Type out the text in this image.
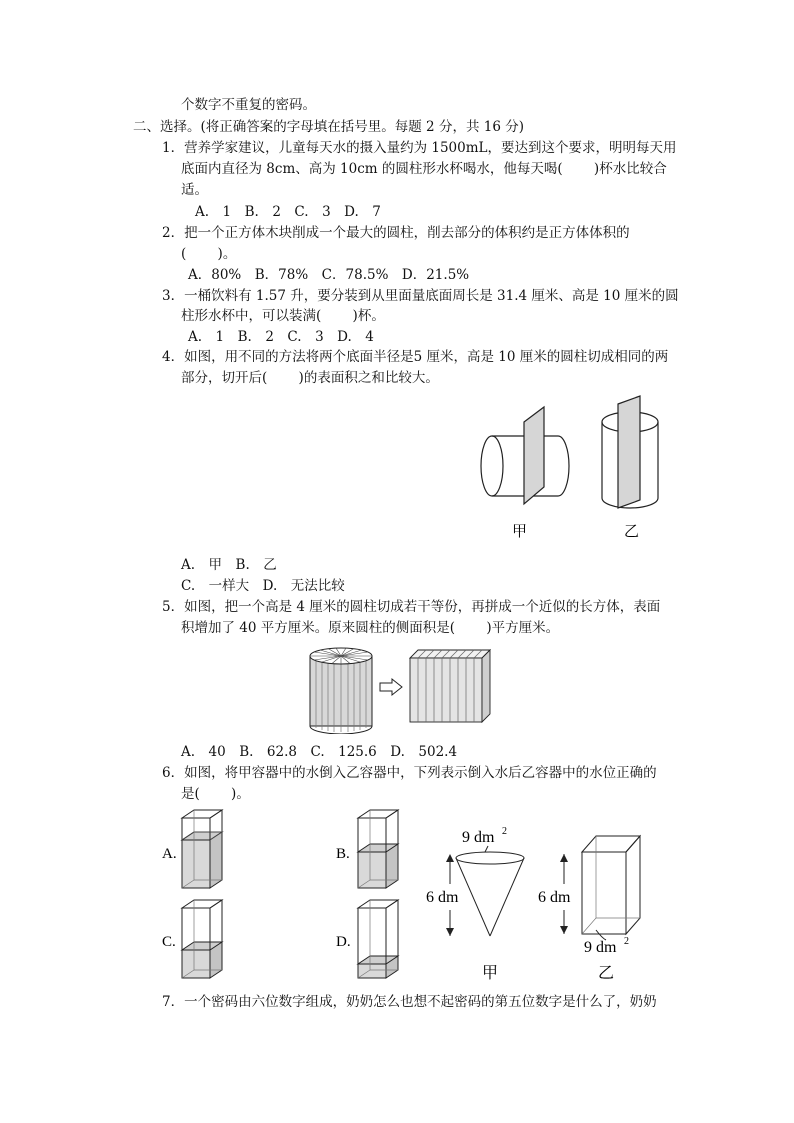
个数字不重复的密码。
二、选择。(将正确答案的字母填在括号里。每题 2 分，共 16 分)
1．营养学家建议，儿童每天水的摄入量约为 1500mL，要达到这个要求，明明每天用
底面内直径为 8cm、高为 10cm 的圆柱形水杯喝水，他每天喝(　　 )杯水比较合
适。
A.　1　B.　2　C.　3　D.　7
2．把一个正方体木块削成一个最大的圆柱，削去部分的体积约是正方体体积的
(　　 )。
A．80%　B．78%　C．78.5%　D．21.5%
3．一桶饮料有 1.57 升，要分装到从里面量底面周长是 31.4 厘米、高是 10 厘米的圆
柱形水杯中，可以装满(　　 )杯。
A.　1　B.　2　C.　3　D.　4
4．如图，用不同的方法将两个底面半径是5 厘米，高是 10 厘米的圆柱切成相同的两
部分，切开后(　　 )的表面积之和比较大。
甲	乙
A.　甲　B.　乙
C.　一样大　D.　无法比较
5．如图，把一个高是 4 厘米的圆柱切成若干等份，再拼成一个近似的长方体，表面
积增加了 40 平方厘米。原来圆柱的侧面积是(　　 )平方厘米。
A.　40　B.　62.8　C.　125.6　D.　502.4
6．如图，将甲容器中的水倒入乙容器中，下列表示倒入水后乙容器中的水位正确的
是(　　 )。
A.	B.
C.	D.
9 dm 2
6 dm
甲
6 dm
9 dm 2
乙
7．一个密码由六位数字组成，奶奶怎么也想不起密码的第五位数字是什么了，奶奶
